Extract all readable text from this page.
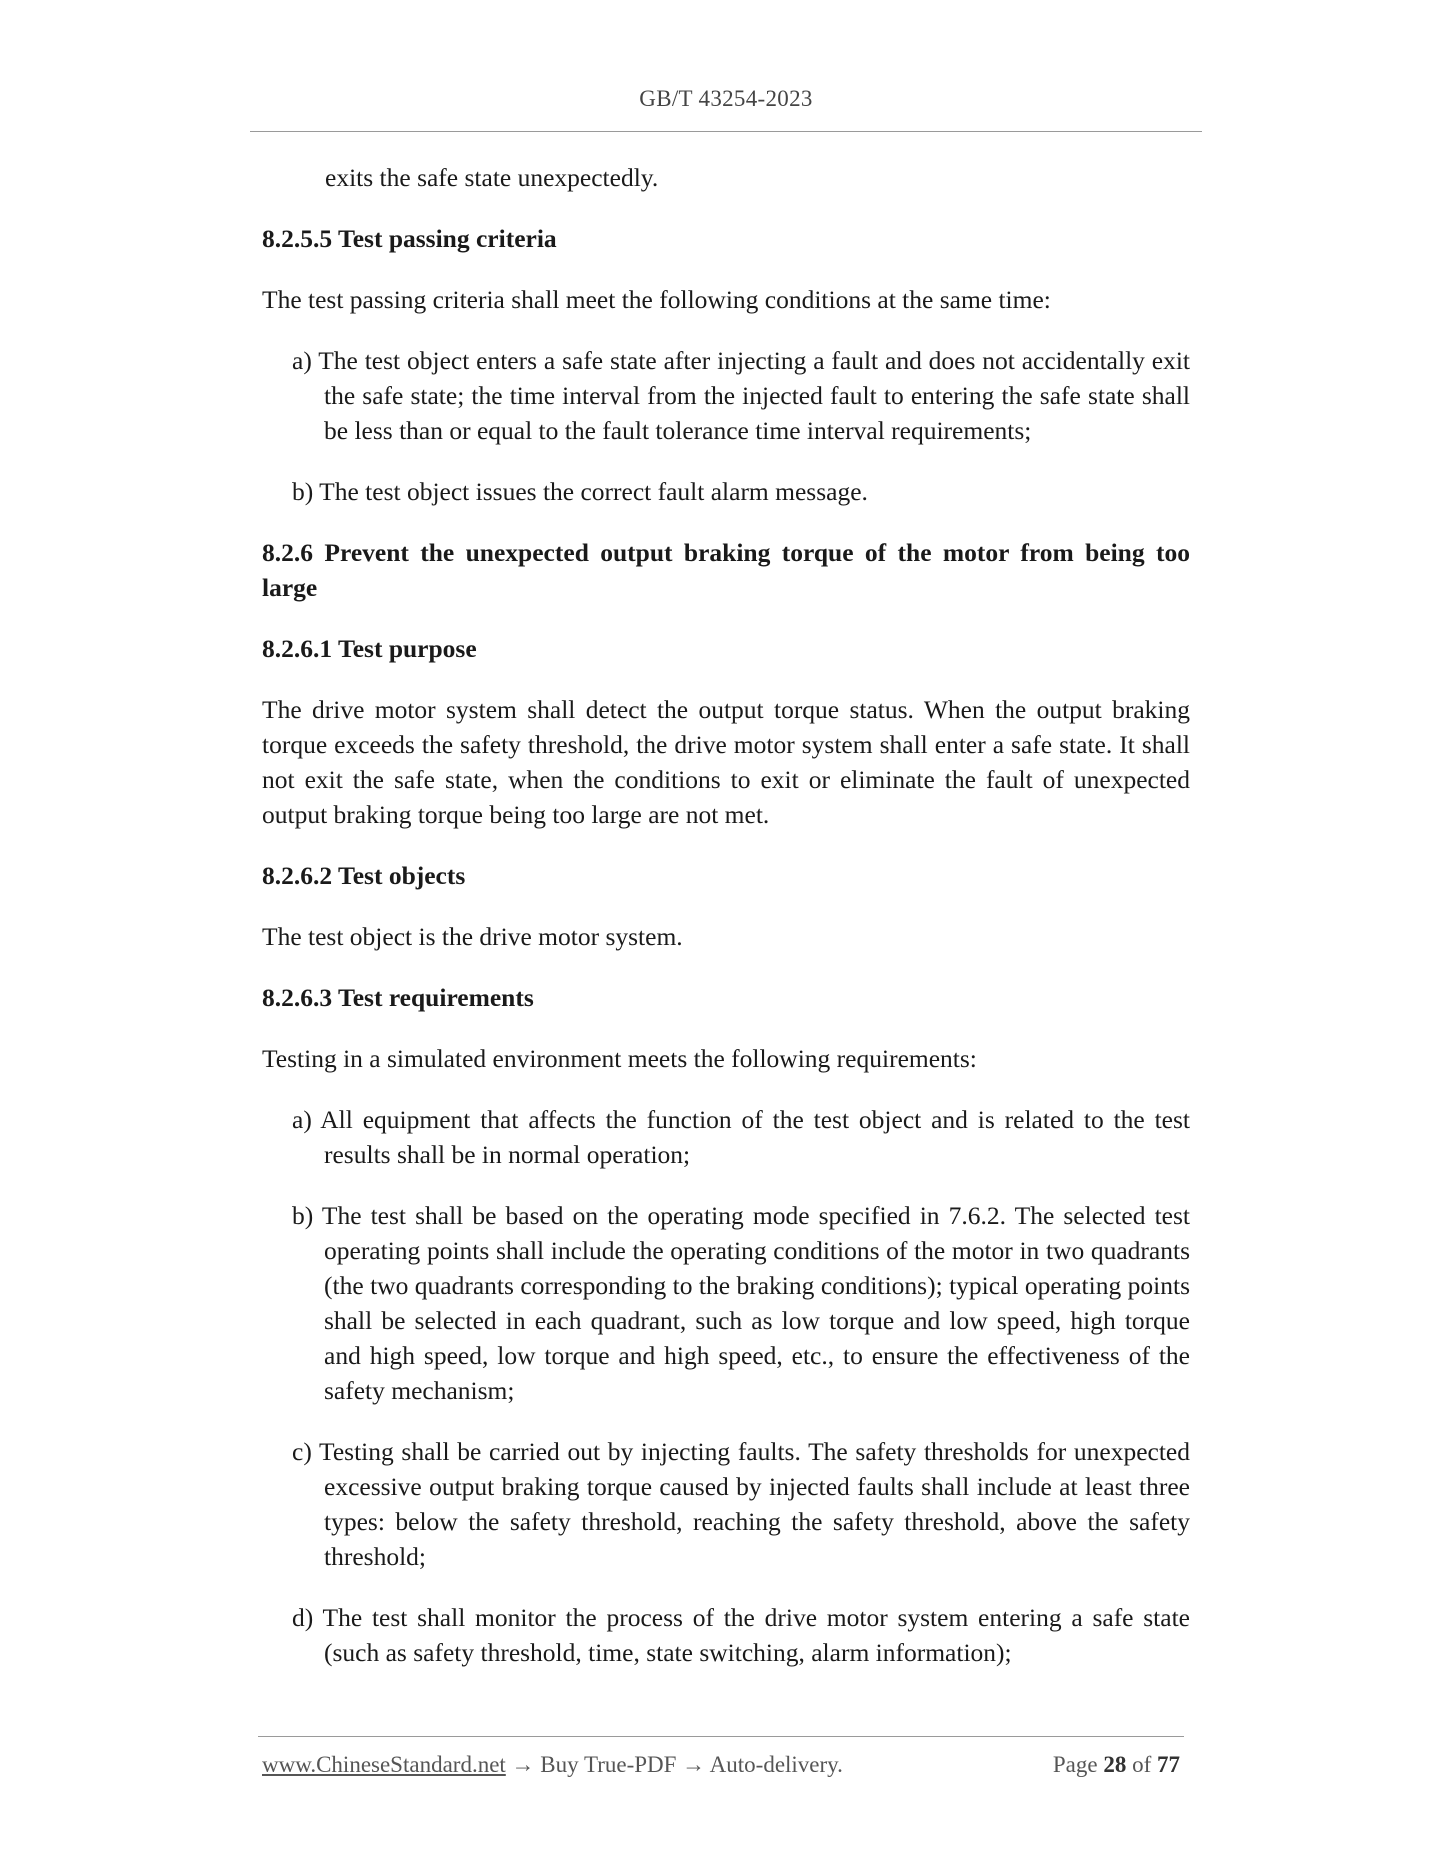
GB/T 43254-2023

exits the safe state unexpectedly.

8.2.5.5 Test passing criteria

The test passing criteria shall meet the following conditions at the same time:

a) The test object enters a safe state after injecting a fault and does not accidentally exit the safe state; the time interval from the injected fault to entering the safe state shall be less than or equal to the fault tolerance time interval requirements;

b) The test object issues the correct fault alarm message.

8.2.6 Prevent the unexpected output braking torque of the motor from being too large

8.2.6.1 Test purpose

The drive motor system shall detect the output torque status. When the output braking torque exceeds the safety threshold, the drive motor system shall enter a safe state. It shall not exit the safe state, when the conditions to exit or eliminate the fault of unexpected output braking torque being too large are not met.

8.2.6.2 Test objects

The test object is the drive motor system.

8.2.6.3 Test requirements

Testing in a simulated environment meets the following requirements:

a) All equipment that affects the function of the test object and is related to the test results shall be in normal operation;

b) The test shall be based on the operating mode specified in 7.6.2. The selected test operating points shall include the operating conditions of the motor in two quadrants (the two quadrants corresponding to the braking conditions); typical operating points shall be selected in each quadrant, such as low torque and low speed, high torque and high speed, low torque and high speed, etc., to ensure the effectiveness of the safety mechanism;

c) Testing shall be carried out by injecting faults. The safety thresholds for unexpected excessive output braking torque caused by injected faults shall include at least three types: below the safety threshold, reaching the safety threshold, above the safety threshold;

d) The test shall monitor the process of the drive motor system entering a safe state (such as safety threshold, time, state switching, alarm information);

www.ChineseStandard.net → Buy True-PDF → Auto-delivery.	Page 28 of 77
